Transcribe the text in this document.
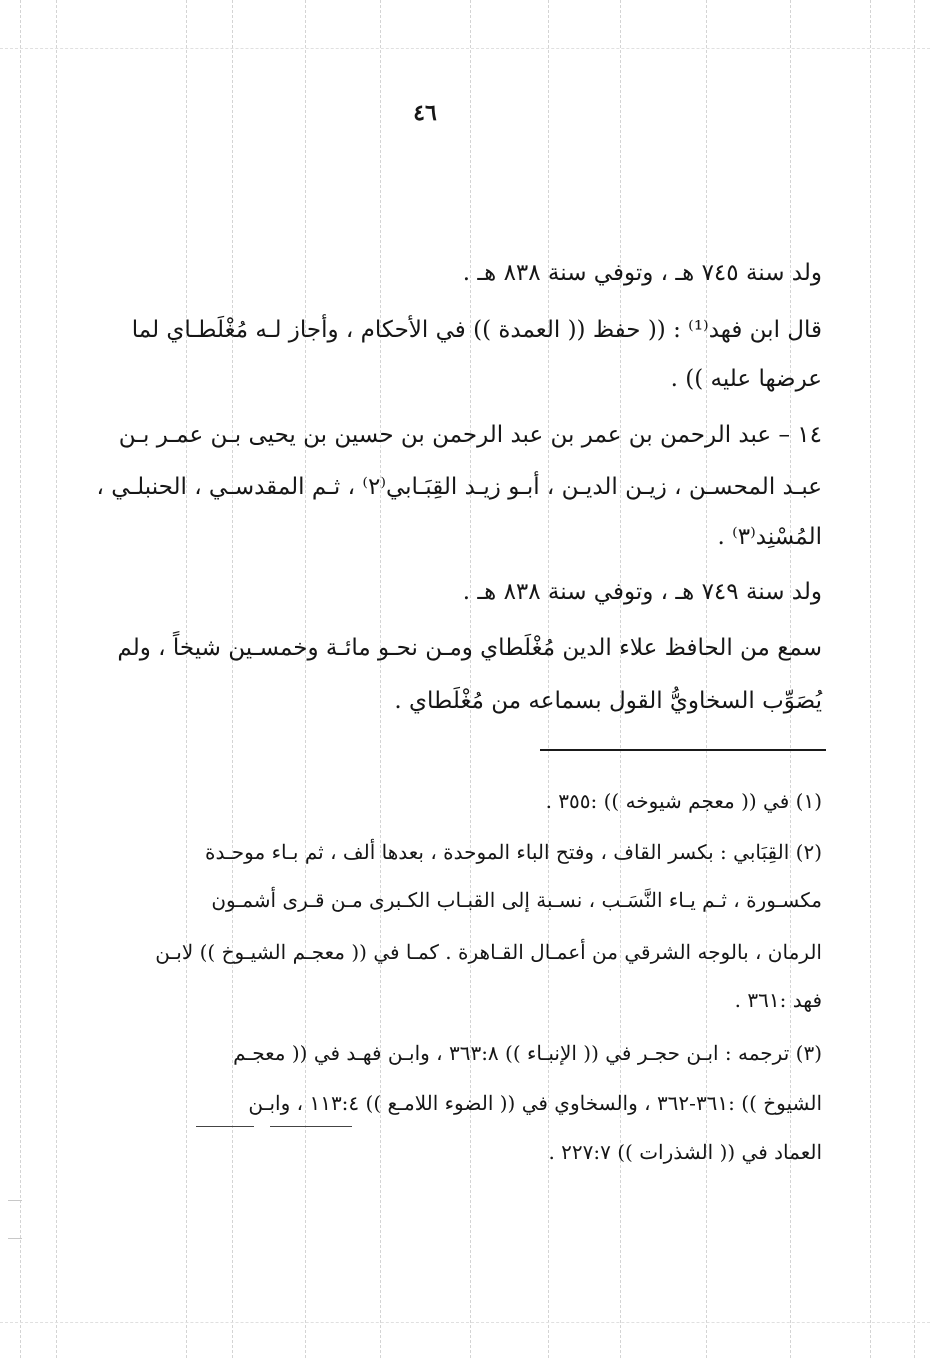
٤٦
ولد سنة ٧٤٥ هـ ، وتوفي سنة ٨٣٨ هـ .
قال ابن فهد⁽¹⁾ : (( حفظ (( العمدة )) في الأحكام ، وأجاز لـه مُغْلَطـاي لما
عرضها عليه )) .
١٤ – عبد الرحمن بن عمر بن عبد الرحمن بن حسين بن يحيى بـن عمـر بـن
عبـد المحسـن ، زيـن الديـن ، أبـو زيـد القِبَـابي⁽٢⁾ ، ثـم المقدسـي ، الحنبلـي ،
المُسْنِد⁽٣⁾ .
ولد سنة ٧٤٩ هـ ، وتوفي سنة ٨٣٨ هـ .
سمع من الحافظ علاء الدين مُغْلَطاي ومـن نحـو مائـة وخمسـين شيخاً ، ولم
يُصَوِّب السخاويُّ القول بسماعه من مُغْلَطاي .
(١) في (( معجم شيوخه )) :٣٥٥ .
(٢) القِبَابي : بكسر القاف ، وفتح الباء الموحدة ، بعدها ألف ، ثم بـاء موحـدة
مكسـورة ، ثـم يـاء النَّسَـب ، نسـبة إلى القبـاب الكـبرى مـن قـرى أشمـون
الرمان ، بالوجه الشرقي من أعمـال القـاهرة . كمـا في (( معجـم الشيـوخ )) لابـن
فهد :٣٦١ .
(٣) ترجمه : ابـن حجـر في (( الإنبـاء )) ٣٦٣:٨ ، وابـن فهـد في (( معجـم
الشيوخ )) :٣٦١-٣٦٢ ، والسخاوي في (( الضوء اللامـع )) ١١٣:٤ ، وابـن
العماد في (( الشذرات )) ٢٢٧:٧ .
